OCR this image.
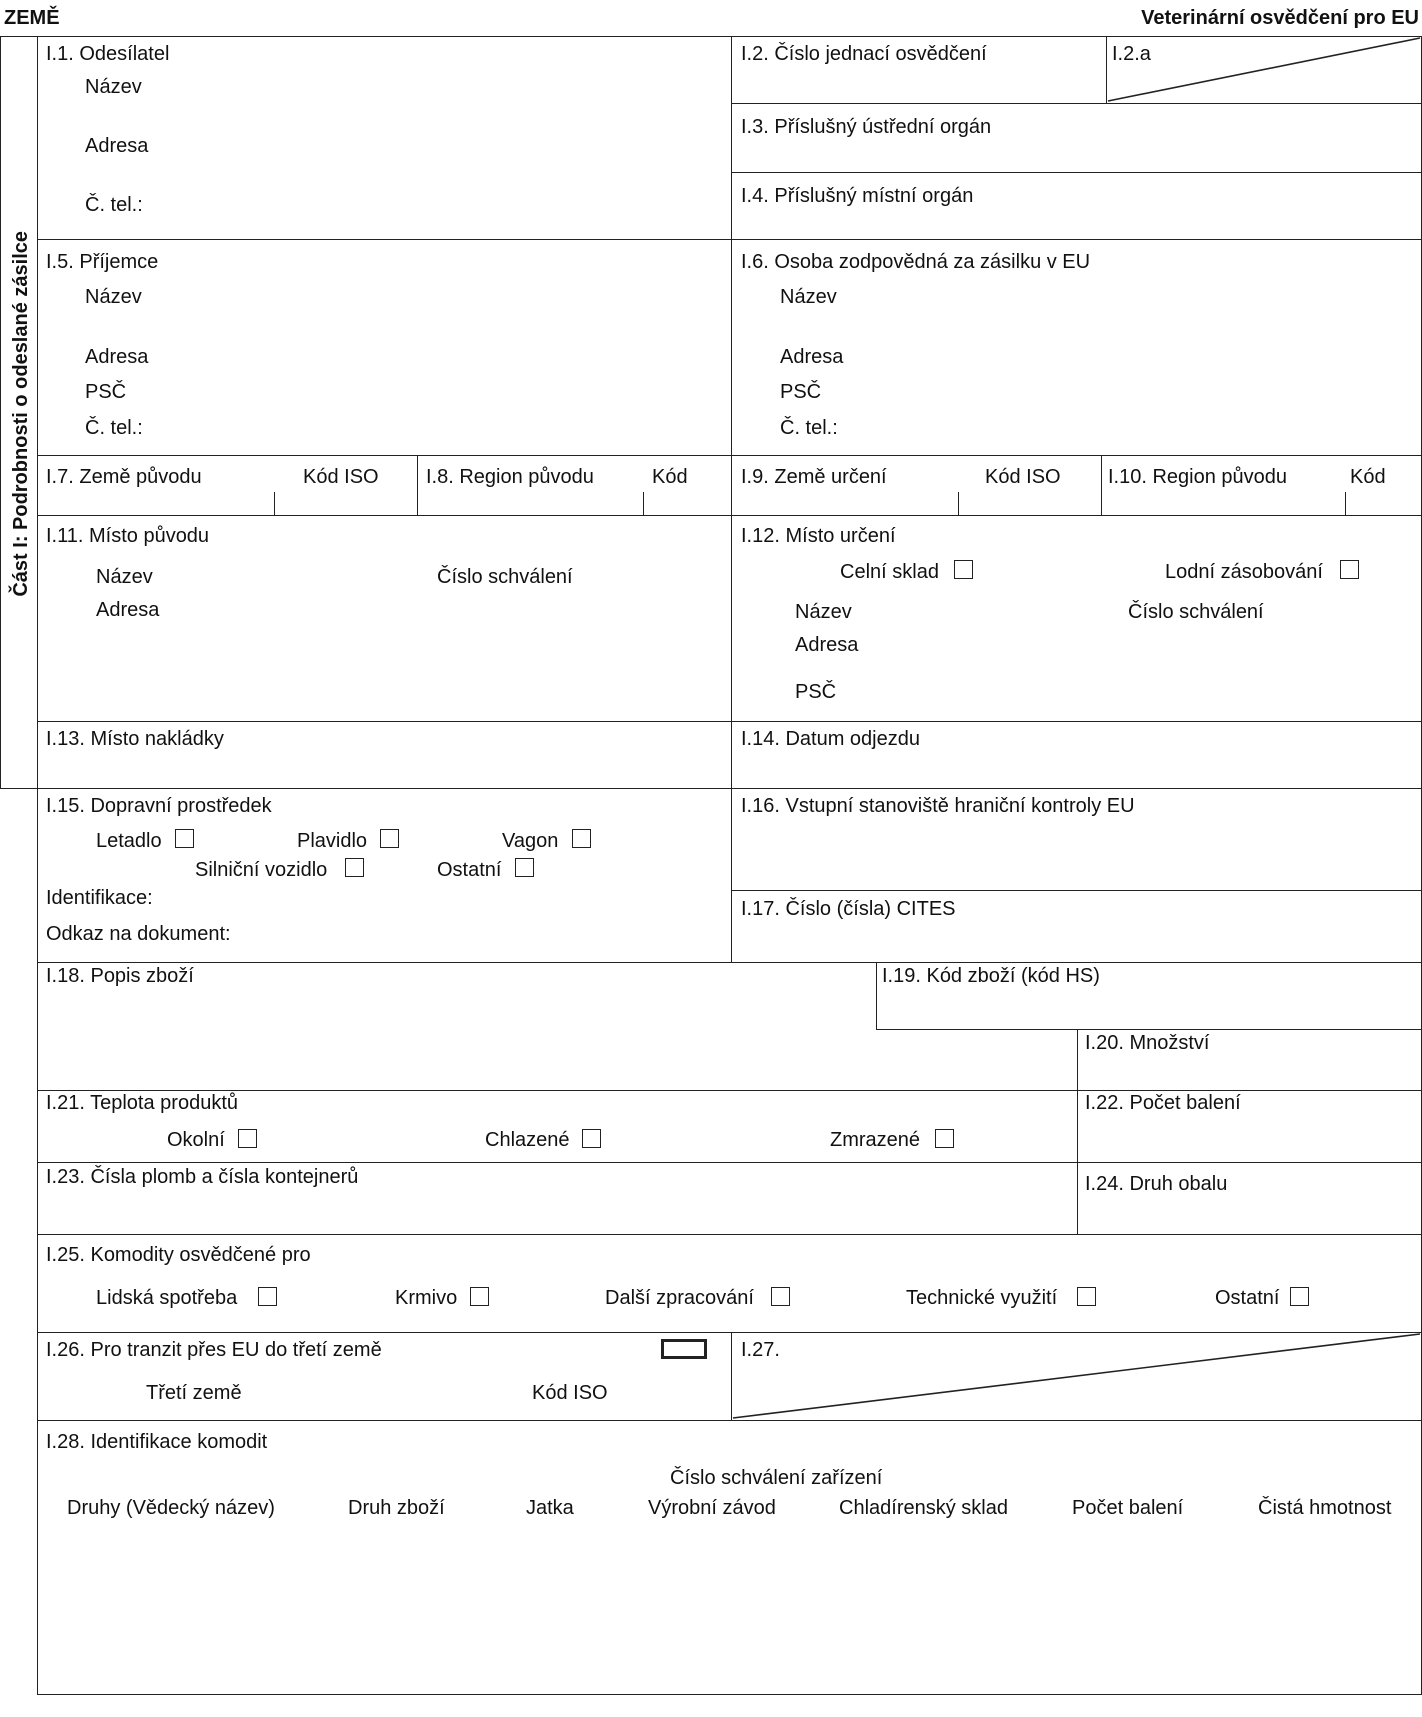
ZEMĚ	Veterinární osvědčení pro EU
Část I: Podrobnosti o odeslané zásilce
I.1. Odesílatel
Název
Adresa
Č. tel.:
I.2. Číslo jednací osvědčení	I.2.a
I.3. Příslušný ústřední orgán
I.4. Příslušný místní orgán
I.5. Příjemce
Název
Adresa
PSČ
Č. tel.:
I.6. Osoba zodpovědná za zásilku v EU
Název
Adresa
PSČ
Č. tel.:
I.7. Země původu	Kód ISO I.8. Region původu	Kód	I.9. Země určení	Kód ISO I.10. Region původu	Kód
I.11. Místo původu
Název	Číslo schválení
Adresa
I.12. Místo určení
Celní sklad	Lodní zásobování
Název	Číslo schválení
Adresa
PSČ
I.13. Místo nakládky	I.14. Datum odjezdu
I.15. Dopravní prostředek
Letadlo	Plavidlo	Vagon
Silniční vozidlo	Ostatní
Identifikace:
Odkaz na dokument:
I.16. Vstupní stanoviště hraniční kontroly EU
I.17. Číslo (čísla) CITES
I.18. Popis zboží	I.19. Kód zboží (kód HS)
I.20. Množství
I.21. Teplota produktů
Okolní	Chlazené	Zmrazené
I.22. Počet balení
I.23. Čísla plomb a čísla kontejnerů	I.24. Druh obalu
I.25. Komodity osvědčené pro
Lidská spotřeba	Krmivo	Další zpracování	Technické využití	Ostatní
I.26. Pro tranzit přes EU do třetí země
Třetí země	Kód ISO
I.27.
I.28. Identifikace komodit
Číslo schválení zařízení
Druhy (Vědecký název)	Druh zboží	Jatka	Výrobní závod	Chladírenský sklad	Počet balení	Čistá hmotnost
